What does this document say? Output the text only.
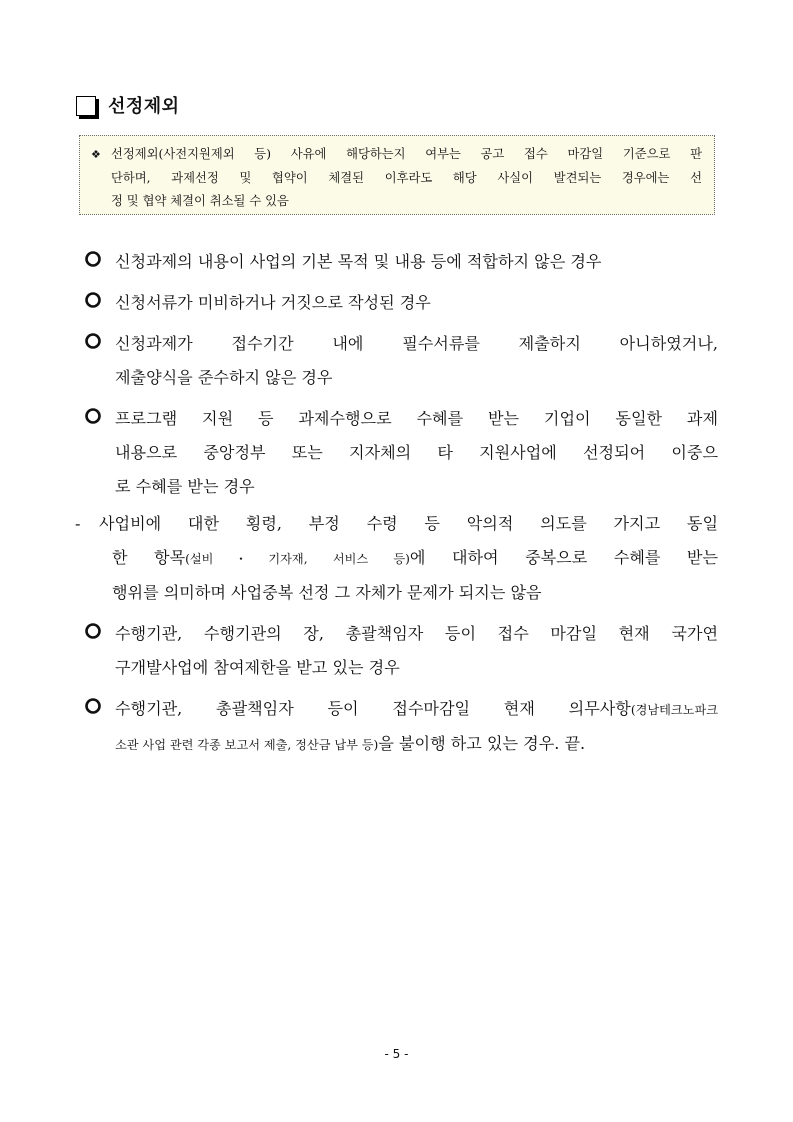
선정제외
❖ 선정제외(사전지원제외 등) 사유에 해당하는지 여부는 공고 접수 마감일 기준으로 판
단하며, 과제선정 및 협약이 체결된 이후라도 해당 사실이 발견되는 경우에는 선
정 및 협약 체결이 취소될 수 있음
신청과제의 내용이 사업의 기본 목적 및 내용 등에 적합하지 않은 경우
신청서류가 미비하거나 거짓으로 작성된 경우
신청과제가 접수기간 내에 필수서류를 제출하지 아니하였거나,
제출양식을 준수하지 않은 경우
프로그램 지원 등 과제수행으로 수혜를 받는 기업이 동일한 과제
내용으로 중앙정부 또는 지자체의 타 지원사업에 선정되어 이중으
로 수혜를 받는 경우
-	사업비에 대한 횡령, 부정 수령 등 악의적 의도를 가지고 동일
한 항목(설비・기자재, 서비스 등)에 대하여 중복으로 수혜를 받는
행위를 의미하며 사업중복 선정 그 자체가 문제가 되지는 않음
수행기관, 수행기관의 장, 총괄책임자 등이 접수 마감일 현재 국가연
구개발사업에 참여제한을 받고 있는 경우
수행기관, 총괄책임자 등이 접수마감일 현재 의무사항(경남테크노파크
소관 사업 관련 각종 보고서 제출, 정산금 납부 등)을 불이행 하고 있는 경우. 끝.
- 5 -
